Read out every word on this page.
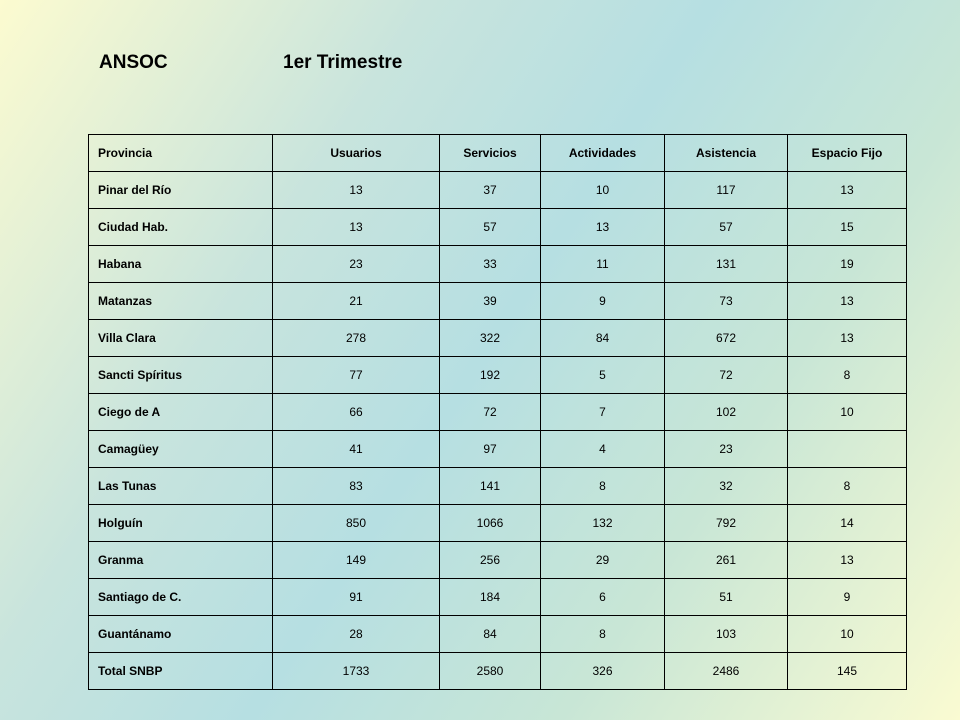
ANSOC	1er Trimestre
Provincia	Usuarios	Servicios	Actividades	Asistencia	Espacio Fijo
Pinar del Río	13	37	10	117	13
Ciudad Hab.	13	57	13	57	15
Habana	23	33	11	131	19
Matanzas	21	39	9	73	13
Villa Clara	278	322	84	672	13
Sancti Spíritus	77	192	5	72	8
Ciego de A	66	72	7	102	10
Camagüey	41	97	4	23	
Las Tunas	83	141	8	32	8
Holguín	850	1066	132	792	14
Granma	149	256	29	261	13
Santiago de C.	91	184	6	51	9
Guantánamo	28	84	8	103	10
Total SNBP	1733	2580	326	2486	145
